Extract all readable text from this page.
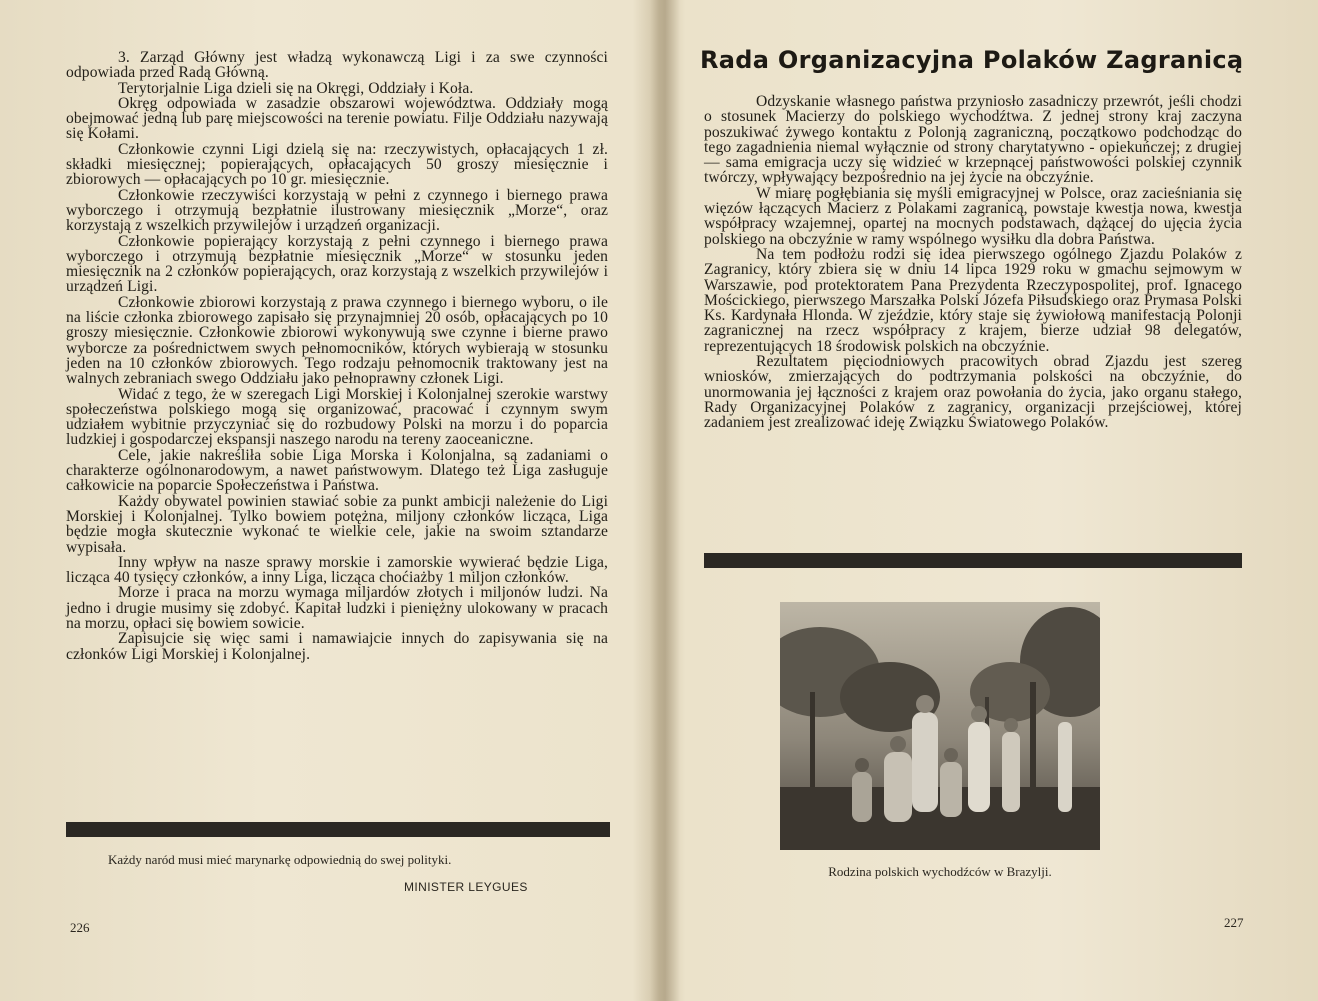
3. Zarząd Główny jest władzą wykonawczą Ligi i za swe czynności odpowiada przed Radą Główną.

Terytorjalnie Liga dzieli się na Okręgi, Oddziały i Koła.

Okręg odpowiada w zasadzie obszarowi województwa. Oddziały mogą obejmować jedną lub parę miejscowości na terenie powiatu. Filje Oddziału nazywają się Kołami.

Członkowie czynni Ligi dzielą się na: rzeczywistych, opłacających 1 zł. składki miesięcznej; popierających, opłacających 50 groszy miesięcznie i zbiorowych — opłacających po 10 gr. miesięcznie.

Członkowie rzeczywiści korzystają w pełni z czynnego i biernego prawa wyborczego i otrzymują bezpłatnie ilustrowany miesięcznik „Morze“, oraz korzystają z wszelkich przywilejów i urządzeń organizacji.

Członkowie popierający korzystają z pełni czynnego i biernego prawa wyborczego i otrzymują bezpłatnie miesięcznik „Morze“ w stosunku jeden miesięcznik na 2 członków popierających, oraz korzystają z wszelkich przywilejów i urządzeń Ligi.

Członkowie zbiorowi korzystają z prawa czynnego i biernego wyboru, o ile na liście członka zbiorowego zapisało się przynajmniej 20 osób, opłacających po 10 groszy miesięcznie. Członkowie zbiorowi wykonywują swe czynne i bierne prawo wyborcze za pośrednictwem swych pełnomocników, których wybierają w stosunku jeden na 10 członków zbiorowych. Tego rodzaju pełnomocnik traktowany jest na walnych zebraniach swego Oddziału jako pełnoprawny członek Ligi.

Widać z tego, że w szeregach Ligi Morskiej i Kolonjalnej szerokie warstwy społeczeństwa polskiego mogą się organizować, pracować i czynnym swym udziałem wybitnie przyczyniać się do rozbudowy Polski na morzu i do poparcia ludzkiej i gospodarczej ekspansji naszego narodu na tereny zaoceaniczne.

Cele, jakie nakreśliła sobie Liga Morska i Kolonjalna, są zadaniami o charakterze ogólnonarodowym, a nawet państwowym. Dlatego też Liga zasługuje całkowicie na poparcie Społeczeństwa i Państwa.

Każdy obywatel powinien stawiać sobie za punkt ambicji należenie do Ligi Morskiej i Kolonjalnej. Tylko bowiem potężna, miljony członków licząca, Liga będzie mogła skutecznie wykonać te wielkie cele, jakie na swoim sztandarze wypisała.

Inny wpływ na nasze sprawy morskie i zamorskie wywierać będzie Liga, licząca 40 tysięcy członków, a inny Liga, licząca choćiażby 1 miljon członków.

Morze i praca na morzu wymaga miljardów złotych i miljonów ludzi. Na jedno i drugie musimy się zdobyć. Kapitał ludzki i pieniężny ulokowany w pracach na morzu, opłaci się bowiem sowicie.

Zapisujcie się więc sami i namawiajcie innych do zapisywania się na członków Ligi Morskiej i Kolonjalnej.

Każdy naród musi mieć marynarkę odpowiednią do swej polityki.
MINISTER LEYGUES
226
Rada Organizacyjna Polaków Zagranicą

Odzyskanie własnego państwa przyniosło zasadniczy przewrót, jeśli chodzi o stosunek Macierzy do polskiego wychodźtwa. Z jednej strony kraj zaczyna poszukiwać żywego kontaktu z Polonją zagraniczną, początkowo podchodząc do tego zagadnienia niemal wyłącznie od strony charytatywno - opiekuńczej; z drugiej — sama emigracja uczy się widzieć w krzepnącej państwowości polskiej czynnik twórczy, wpływający bezpośrednio na jej życie na obczyźnie.

W miarę pogłębiania się myśli emigracyjnej w Polsce, oraz zacieśniania się więzów łączących Macierz z Polakami zagranicą, powstaje kwestja nowa, kwestja współpracy wzajemnej, opartej na mocnych podstawach, dążącej do ujęcia życia polskiego na obczyźnie w ramy wspólnego wysiłku dla dobra Państwa.

Na tem podłożu rodzi się idea pierwszego ogólnego Zjazdu Polaków z Zagranicy, który zbiera się w dniu 14 lipca 1929 roku w gmachu sejmowym w Warszawie, pod protektoratem Pana Prezydenta Rzeczypospolitej, prof. Ignacego Mościckiego, pierwszego Marszałka Polski Józefa Piłsudskiego oraz Prymasa Polski Ks. Kardynała Hlonda. W zjeździe, który staje się żywiołową manifestacją Polonji zagranicznej na rzecz współpracy z krajem, bierze udział 98 delegatów, reprezentujących 18 środowisk polskich na obczyźnie.

Rezultatem pięciodniowych pracowitych obrad Zjazdu jest szereg wniosków, zmierzających do podtrzymania polskości na obczyźnie, do unormowania jej łączności z krajem oraz powołania do życia, jako organu stałego, Rady Organizacyjnej Polaków z zagranicy, organizacji przejściowej, której zadaniem jest zrealizować ideję Związku Światowego Polaków.

Rodzina polskich wychodźców w Brazylji.
227
